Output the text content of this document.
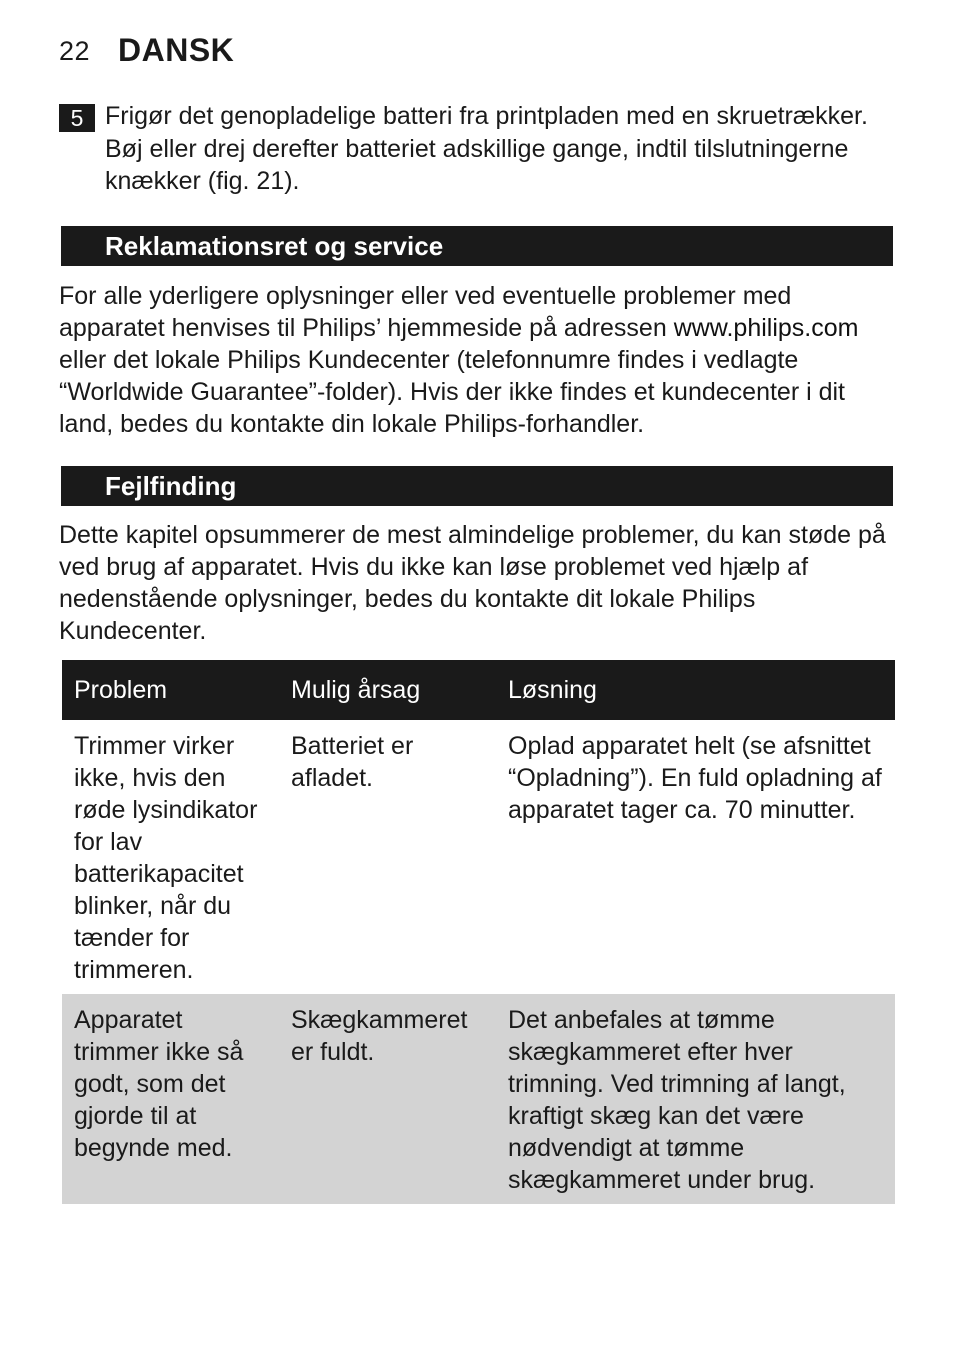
22 DANSK
5 Frigør det genopladelige batteri fra printpladen med en skruetrækker. Bøj eller drej derefter batteriet adskillige gange, indtil tilslutningerne knækker (fig. 21).
Reklamationsret og service
For alle yderligere oplysninger eller ved eventuelle problemer med apparatet henvises til Philips’ hjemmeside på adressen www.philips.com eller det lokale Philips Kundecenter (telefonnumre findes i vedlagte “Worldwide Guarantee”-folder). Hvis der ikke findes et kundecenter i dit land, bedes du kontakte din lokale Philips-forhandler.
Fejlfinding
Dette kapitel opsummerer de mest almindelige problemer, du kan støde på ved brug af apparatet. Hvis du ikke kan løse problemet ved hjælp af nedenstående oplysninger, bedes du kontakte dit lokale Philips Kundecenter.
Problem	Mulig årsag	Løsning
Trimmer virker ikke, hvis den røde lysindikator for lav batterikapacitet blinker, når du tænder for trimmeren.	Batteriet er afladet.	Oplad apparatet helt (se afsnittet “Opladning”). En fuld opladning af apparatet tager ca. 70 minutter.
Apparatet trimmer ikke så godt, som det gjorde til at begynde med.	Skægkammeret er fuldt.	Det anbefales at tømme skægkammeret efter hver trimning. Ved trimning af langt, kraftigt skæg kan det være nødvendigt at tømme skægkammeret under brug.
